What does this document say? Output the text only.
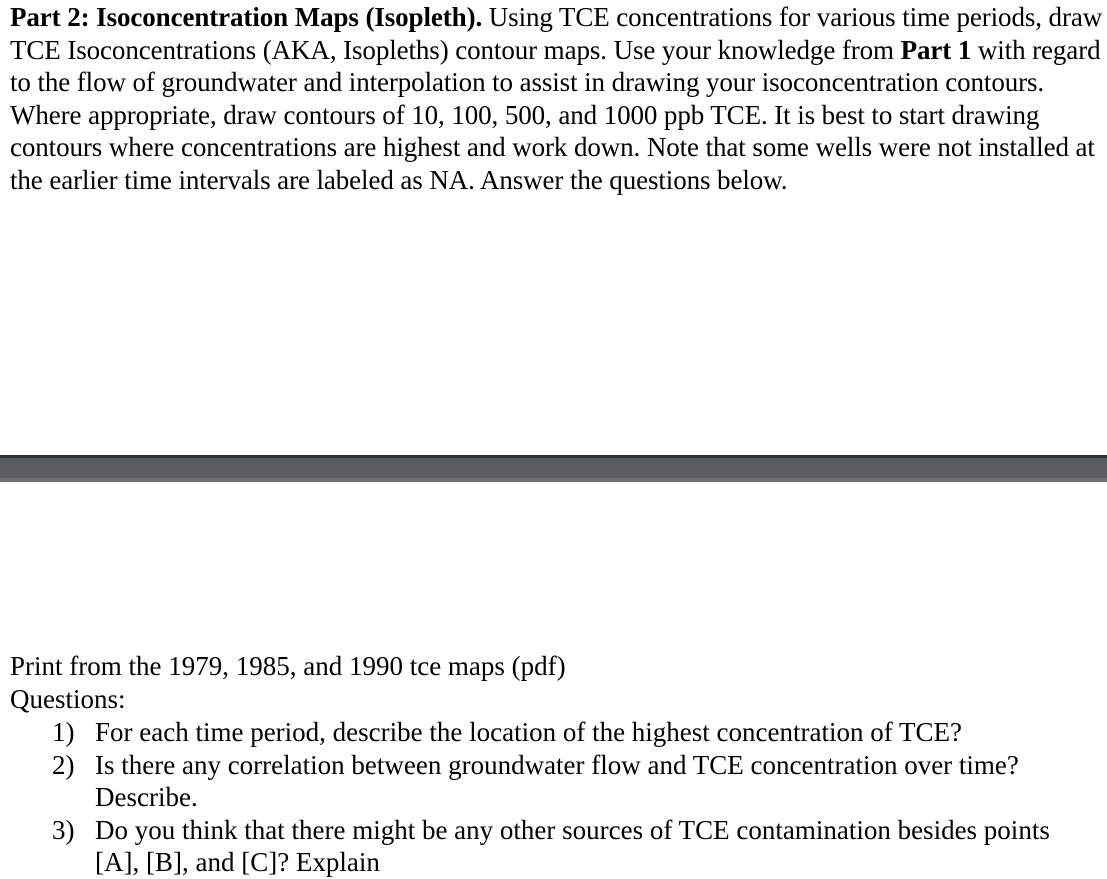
Part 2: Isoconcentration Maps (Isopleth). Using TCE concentrations for various time periods, draw TCE Isoconcentrations (AKA, Isopleths) contour maps. Use your knowledge from Part 1 with regard to the flow of groundwater and interpolation to assist in drawing your isoconcentration contours. Where appropriate, draw contours of 10, 100, 500, and 1000 ppb TCE. It is best to start drawing contours where concentrations are highest and work down. Note that some wells were not installed at the earlier time intervals are labeled as NA. Answer the questions below.
Print from the 1979, 1985, and 1990 tce maps (pdf)
Questions:
1) For each time period, describe the location of the highest concentration of TCE?
2) Is there any correlation between groundwater flow and TCE concentration over time? Describe.
3) Do you think that there might be any other sources of TCE contamination besides points [A], [B], and [C]? Explain
